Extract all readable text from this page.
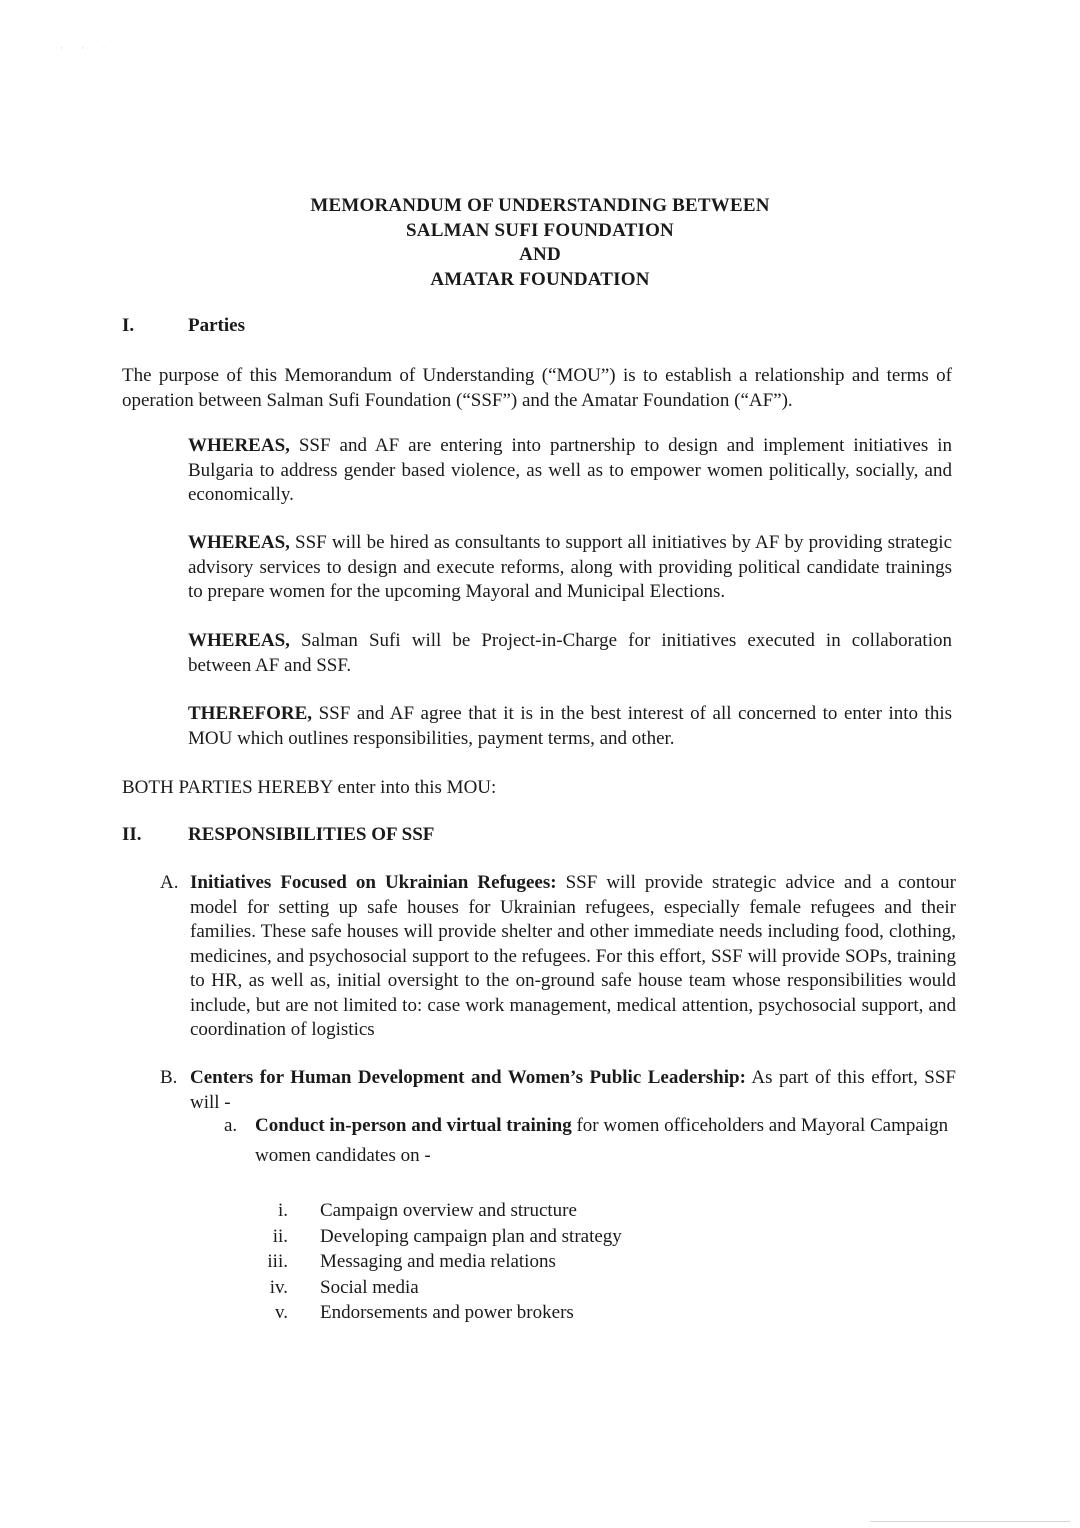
· · ·
MEMORANDUM OF UNDERSTANDING BETWEEN
SALMAN SUFI FOUNDATION
AND
AMATAR FOUNDATION
I.	Parties
The purpose of this Memorandum of Understanding (“MOU”) is to establish a relationship and terms of operation between Salman Sufi Foundation (“SSF”) and the Amatar Foundation (“AF”).
WHEREAS, SSF and AF are entering into partnership to design and implement initiatives in Bulgaria to address gender based violence, as well as to empower women politically, socially, and economically.
WHEREAS, SSF will be hired as consultants to support all initiatives by AF by providing strategic advisory services to design and execute reforms, along with providing political candidate trainings to prepare women for the upcoming Mayoral and Municipal Elections.
WHEREAS, Salman Sufi will be Project-in-Charge for initiatives executed in collaboration between AF and SSF.
THEREFORE, SSF and AF agree that it is in the best interest of all concerned to enter into this MOU which outlines responsibilities, payment terms, and other.
BOTH PARTIES HEREBY enter into this MOU:
II. RESPONSIBILITIES OF SSF
A. Initiatives Focused on Ukrainian Refugees: SSF will provide strategic advice and a contour model for setting up safe houses for Ukrainian refugees, especially female refugees and their families. These safe houses will provide shelter and other immediate needs including food, clothing, medicines, and psychosocial support to the refugees. For this effort, SSF will provide SOPs, training to HR, as well as, initial oversight to the on-ground safe house team whose responsibilities would include, but are not limited to: case work management, medical attention, psychosocial support, and coordination of logistics
B. Centers for Human Development and Women’s Public Leadership: As part of this effort, SSF will -
a. Conduct in-person and virtual training for women officeholders and Mayoral Campaign women candidates on -
i. Campaign overview and structure
ii. Developing campaign plan and strategy
iii. Messaging and media relations
iv. Social media
v. Endorsements and power brokers
